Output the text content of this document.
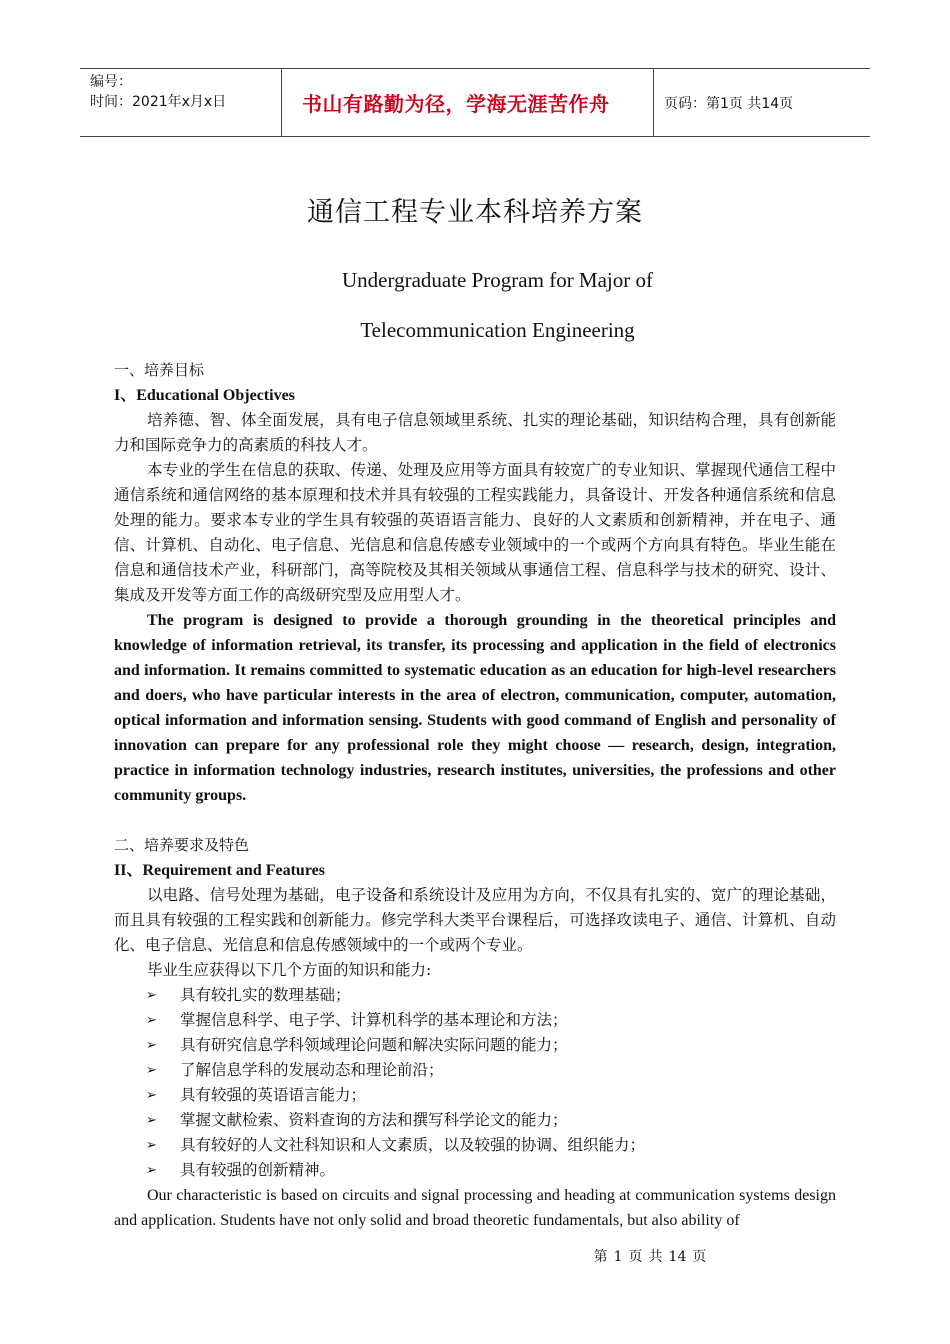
编号：
时间：2021年x月x日	书山有路勤为径，学海无涯苦作舟	页码：第1页 共14页
通信工程专业本科培养方案
Undergraduate Program for Major of
Telecommunication Engineering

一、培养目标

I、Educational Objectives

培养德、智、体全面发展，具有电子信息领域里系统、扎实的理论基础，知识结构合理，具有创新能力和国际竞争力的高素质的科技人才。

本专业的学生在信息的获取、传递、处理及应用等方面具有较宽广的专业知识、掌握现代通信工程中通信系统和通信网络的基本原理和技术并具有较强的工程实践能力，具备设计、开发各种通信系统和信息处理的能力。要求本专业的学生具有较强的英语语言能力、良好的人文素质和创新精神，并在电子、通信、计算机、自动化、电子信息、光信息和信息传感专业领域中的一个或两个方向具有特色。毕业生能在信息和通信技术产业，科研部门，高等院校及其相关领域从事通信工程、信息科学与技术的研究、设计、集成及开发等方面工作的高级研究型及应用型人才。

The program is designed to provide a thorough grounding in the theoretical principles and knowledge of information retrieval, its transfer, its processing and application in the field of electronics and information. It remains committed to systematic education as an education for high-level researchers and doers, who have particular interests in the area of electron, communication, computer, automation, optical information and information sensing. Students with good command of English and personality of innovation can prepare for any professional role they might choose — research, design, integration, practice in information technology industries, research institutes, universities, the professions and other community groups.

二、培养要求及特色

II、Requirement and Features

以电路、信号处理为基础，电子设备和系统设计及应用为方向，不仅具有扎实的、宽广的理论基础，而且具有较强的工程实践和创新能力。修完学科大类平台课程后，可选择攻读电子、通信、计算机、自动化、电子信息、光信息和信息传感领域中的一个或两个专业。

毕业生应获得以下几个方面的知识和能力:

➢	具有较扎实的数理基础；
➢	掌握信息科学、电子学、计算机科学的基本理论和方法；
➢	具有研究信息学科领域理论问题和解决实际问题的能力；
➢	了解信息学科的发展动态和理论前沿；
➢	具有较强的英语语言能力；
➢	掌握文献检索、资料查询的方法和撰写科学论文的能力；
➢	具有较好的人文社科知识和人文素质，以及较强的协调、组织能力；
➢	具有较强的创新精神。

Our characteristic is based on circuits and signal processing and heading at communication systems design and application. Students have not only solid and broad theoretic fundamentals, but also ability of

第 1 页 共 14 页
